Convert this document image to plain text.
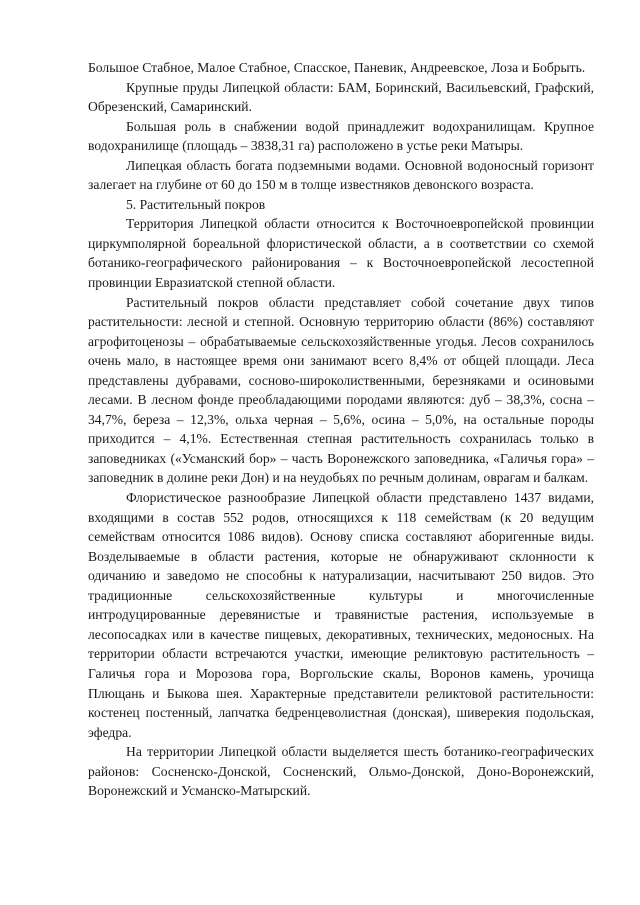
Большое Стабное, Малое Стабное, Спасское, Паневик, Андреевское, Лоза и Бобрыть.

Крупные пруды Липецкой области: БАМ, Боринский, Васильевский, Графский, Обрезенский, Самаринский.

Большая роль в снабжении водой принадлежит водохранилищам. Крупное водохранилище (площадь – 3838,31 га) расположено в устье реки Матыры.

Липецкая область богата подземными водами. Основной водоносный горизонт залегает на глубине от 60 до 150 м в толще известняков девонского возраста.

5. Растительный покров

Территория Липецкой области относится к Восточноевропейской провинции циркумполярной бореальной флористической области, а в соответствии со схемой ботанико-географического районирования – к Восточноевропейской лесостепной провинции Евразиатской степной области.

Растительный покров области представляет собой сочетание двух типов растительности: лесной и степной. Основную территорию области (86%) составляют агрофитоценозы – обрабатываемые сельскохозяйственные угодья. Лесов сохранилось очень мало, в настоящее время они занимают всего 8,4% от общей площади. Леса представлены дубравами, сосново-широколиственными, березняками и осиновыми лесами. В лесном фонде преобладающими породами являются: дуб – 38,3%, сосна – 34,7%, береза – 12,3%, ольха черная – 5,6%, осина – 5,0%, на остальные породы приходится – 4,1%. Естественная степная растительность сохранилась только в заповедниках («Усманский бор» – часть Воронежского заповедника, «Галичья гора» – заповедник в долине реки Дон) и на неудобьях по речным долинам, оврагам и балкам.

Флористическое разнообразие Липецкой области представлено 1437 видами, входящими в состав 552 родов, относящихся к 118 семействам (к 20 ведущим семействам относится 1086 видов). Основу списка составляют аборигенные виды. Возделываемые в области растения, которые не обнаруживают склонности к одичанию и заведомо не способны к натурализации, насчитывают 250 видов. Это традиционные сельскохозяйственные культуры и многочисленные интродуцированные деревянистые и травянистые растения, используемые в лесопосадках или в качестве пищевых, декоративных, технических, медоносных. На территории области встречаются участки, имеющие реликтовую растительность – Галичья гора и Морозова гора, Воргольские скалы, Воронов камень, урочища Плющань и Быкова шея. Характерные представители реликтовой растительности: костенец постенный, лапчатка бедренцеволистная (донская), шиверекия подольская, эфедра.

На территории Липецкой области выделяется шесть ботанико-географических районов: Сосненско-Донской, Сосненский, Ольмо-Донской, Доно-Воронежский, Воронежский и Усманско-Матырский.
